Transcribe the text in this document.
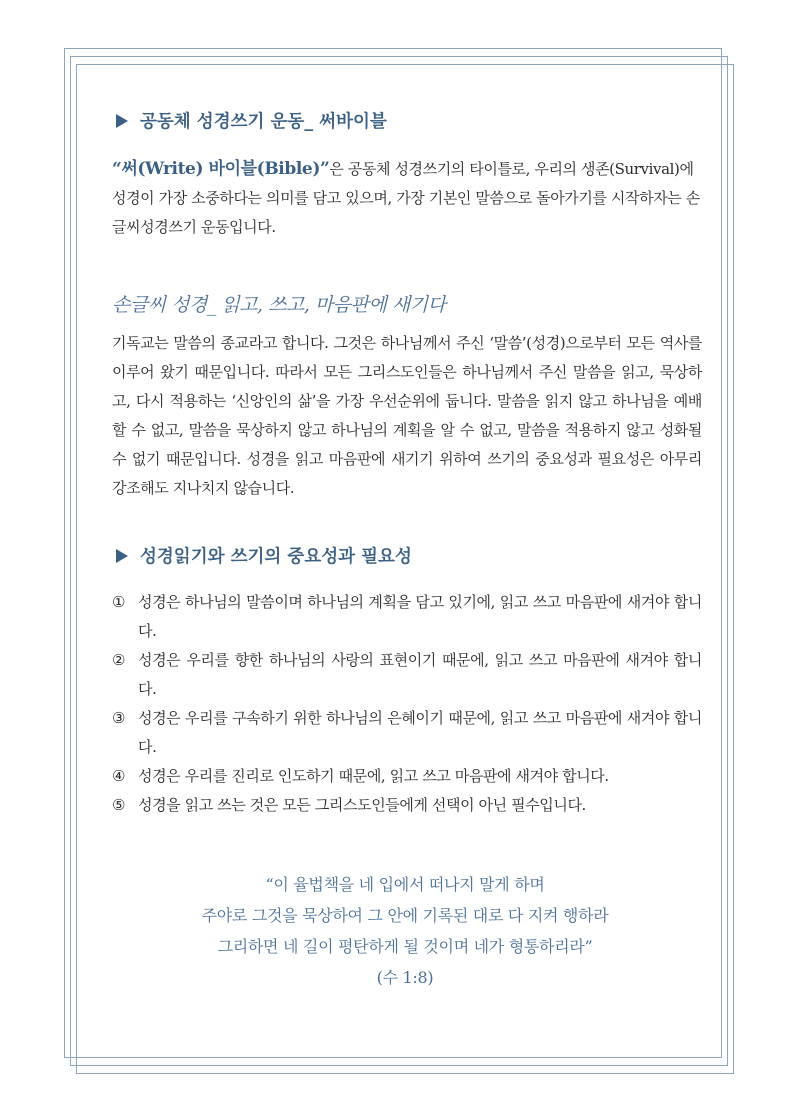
공동체 성경쓰기 운동_ 써바이블

“써(Write) 바이블(Bible)”은 공동체 성경쓰기의 타이틀로, 우리의 생존(Survival)에 성경이 가장 소중하다는 의미를 담고 있으며, 가장 기본인 말씀으로 돌아가기를 시작하자는 손글씨성경쓰기 운동입니다.

손글씨 성경_ 읽고, 쓰고, 마음판에 새기다

기독교는 말씀의 종교라고 합니다. 그것은 하나님께서 주신 ‘말씀’(성경)으로부터 모든 역사를 이루어 왔기 때문입니다. 따라서 모든 그리스도인들은 하나님께서 주신 말씀을 읽고, 묵상하고, 다시 적용하는 ‘신앙인의 삶’을 가장 우선순위에 둡니다. 말씀을 읽지 않고 하나님을 예배할 수 없고, 말씀을 묵상하지 않고 하나님의 계획을 알 수 없고, 말씀을 적용하지 않고 성화될 수 없기 때문입니다. 성경을 읽고 마음판에 새기기 위하여 쓰기의 중요성과 필요성은 아무리 강조해도 지나치지 않습니다.

성경읽기와 쓰기의 중요성과 필요성
① 성경은 하나님의 말씀이며 하나님의 계획을 담고 있기에, 읽고 쓰고 마음판에 새겨야 합니다.
② 성경은 우리를 향한 하나님의 사랑의 표현이기 때문에, 읽고 쓰고 마음판에 새겨야 합니다.
③ 성경은 우리를 구속하기 위한 하나님의 은혜이기 때문에, 읽고 쓰고 마음판에 새겨야 합니다.
④ 성경은 우리를 진리로 인도하기 때문에, 읽고 쓰고 마음판에 새겨야 합니다.
⑤ 성경을 읽고 쓰는 것은 모든 그리스도인들에게 선택이 아닌 필수입니다.
“이 율법책을 네 입에서 떠나지 말게 하며
주야로 그것을 묵상하여 그 안에 기록된 대로 다 지켜 행하라
그리하면 네 길이 평탄하게 될 것이며 네가 형통하리라”
(수 1:8)
